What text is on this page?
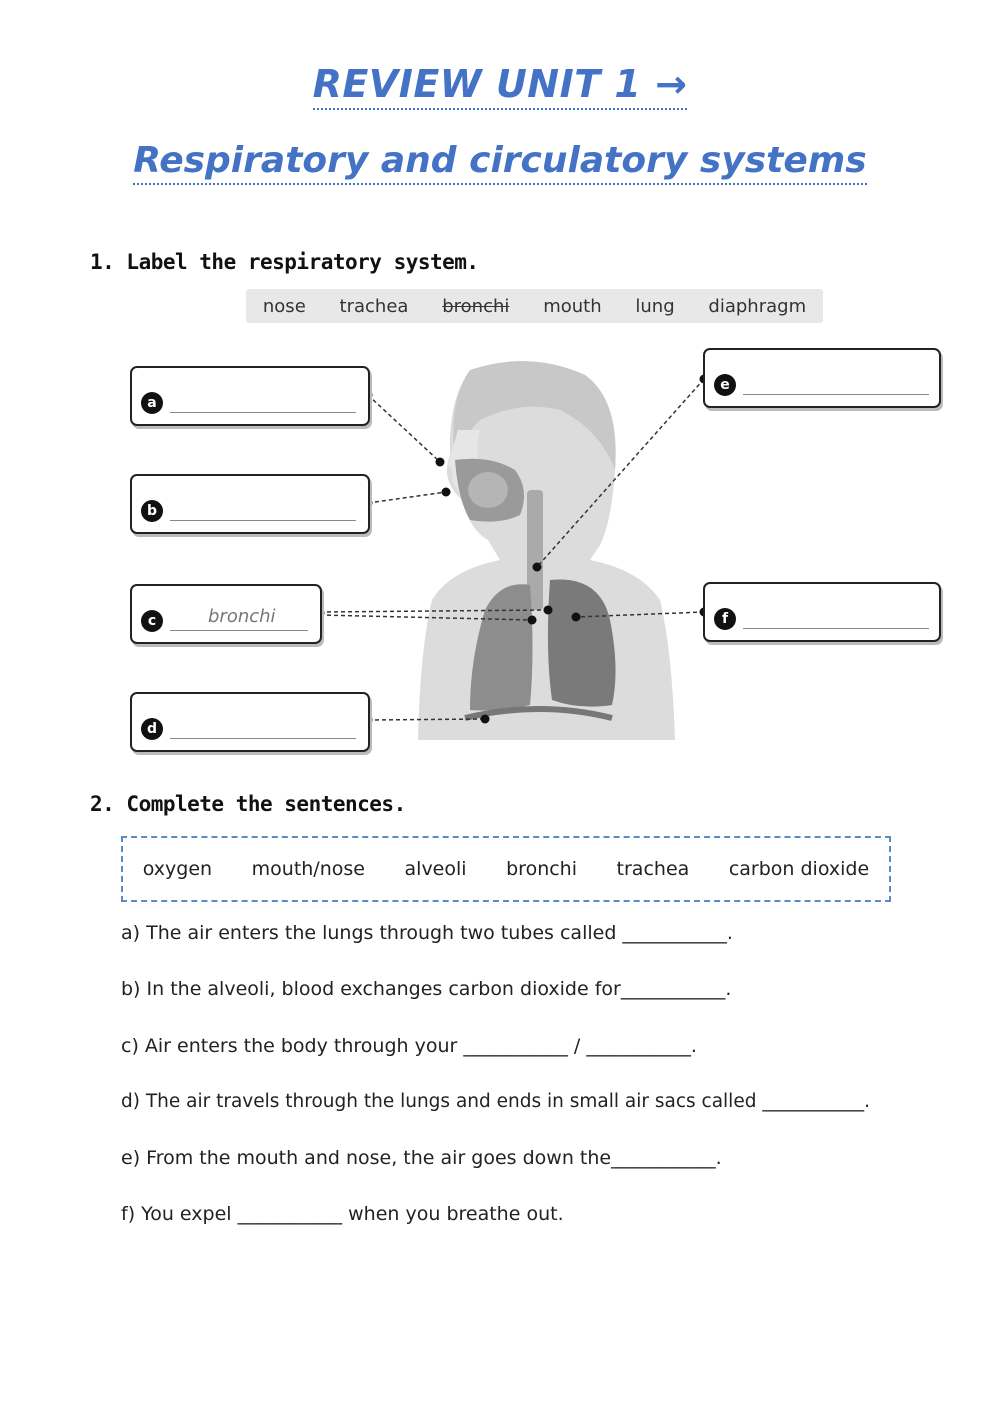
REVIEW UNIT 1 →
Respiratory and circulatory systems
1. Label the respiratory system.
nose trachea bronchi mouth lung diaphragm
a
b
c	bronchi
d
e
f
2. Complete the sentences.
oxygen mouth/nose alveoli bronchi trachea carbon dioxide
a) The air enters the lungs through two tubes called ___________.
b) In the alveoli, blood exchanges carbon dioxide for___________.
c) Air enters the body through your ___________ / ___________.
d) The air travels through the lungs and ends in small air sacs called ___________.
e) From the mouth and nose, the air goes down the___________.
f) You expel ___________ when you breathe out.
